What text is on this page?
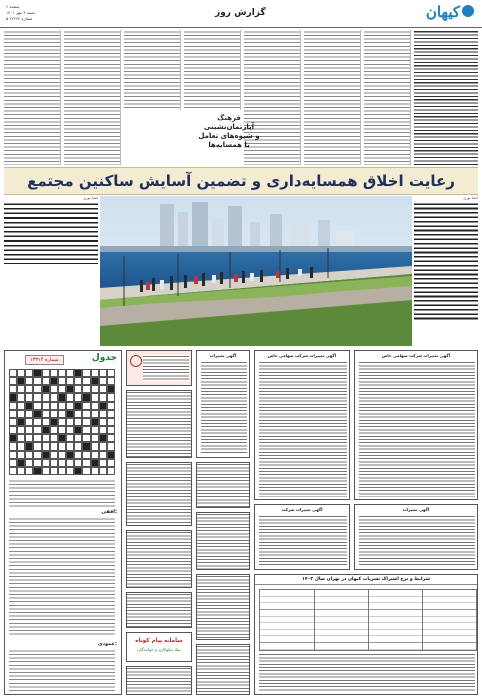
کیهان
گزارش روز
صفحه ۶
شنبه ۳ مهر ۱۴۰۱
۵ شماره ۲۲۲۶۲
فرهنگ
آپارتمان‌نشینی
و شیوه‌های تعامل
با همسایه‌ها
رعایت اخلاق همسایه‌داری و تضمین آسایش ساکنین مجتمع
آشنا نوری	آشنا نوری
شماره ۱۳۳۱۴	جدول
افقی:
عمودی:	سامانه پیام کوتاه
بنیاد نیکوکاری و خوانندگان
آگهی تغییرات	آگهی تغییرات شرکت سهامی خاص
آگهی تغییرات شرکت
آگهی تغییرات شرکت سهامی خاص
آگهی تغییرات
شرایط و نرخ اشتراک نشریات کیهان در تهران سال ۱۴۰۲
